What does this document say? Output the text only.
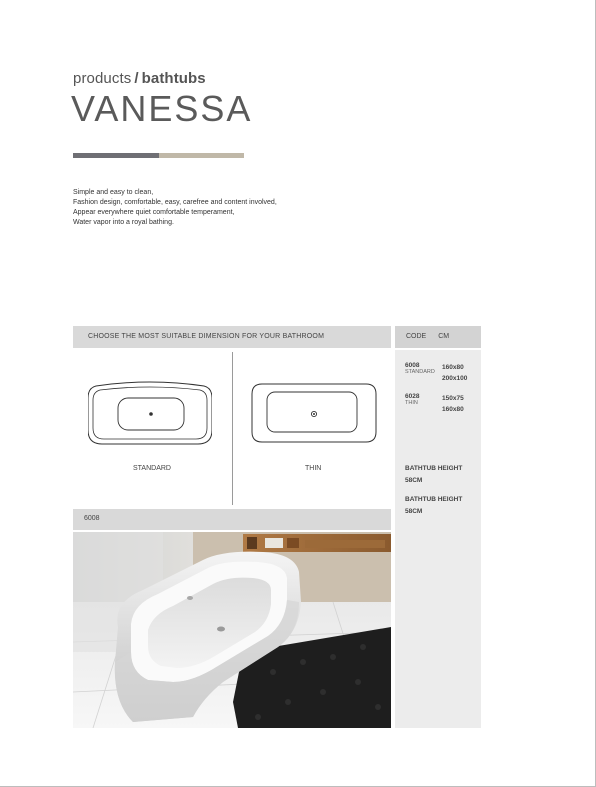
products / bathtubs
VANESSA
Simple and easy to clean,
Fashion design, comfortable, easy, carefree and content involved,
Appear everywhere quiet comfortable temperament,
Water vapor into a royal bathing.
CHOOSE THE MOST SUITABLE DIMENSION FOR YOUR BATHROOM	CODE CM
6008
STANDARD
160x80
200x100
6028
THIN
150x75
160x80
BATHTUB HEIGHT
58CM
BATHTUB HEIGHT
58CM
STANDARD	THIN
6008
